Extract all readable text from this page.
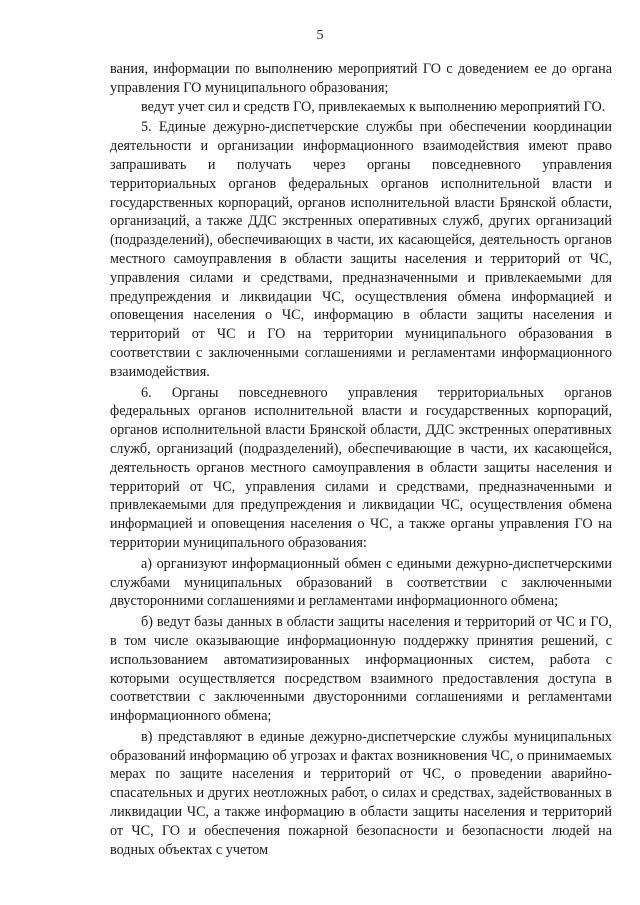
5

вания, информации по выполнению мероприятий ГО с доведением ее до органа управления ГО муниципального образования;

ведут учет сил и средств ГО, привлекаемых к выполнению мероприятий ГО.

5. Единые дежурно-диспетчерские службы при обеспечении координации деятельности и организации информационного взаимодействия имеют право запрашивать и получать через органы повседневного управления территориальных органов федеральных органов исполнительной власти и государственных корпораций, органов исполнительной власти Брянской области, организаций, а также ДДС экстренных оперативных служб, других организаций (подразделений), обеспечивающих в части, их касающейся, деятельность органов местного самоуправления в области защиты населения и территорий от ЧС, управления силами и средствами, предназначенными и привлекаемыми для предупреждения и ликвидации ЧС, осуществления обмена информацией и оповещения населения о ЧС, информацию в области защиты населения и территорий от ЧС и ГО на территории муниципального образования в соответствии с заключенными соглашениями и регламентами информационного взаимодействия.

6. Органы повседневного управления территориальных органов федеральных органов исполнительной власти и государственных корпораций, органов исполнительной власти Брянской области, ДДС экстренных оперативных служб, организаций (подразделений), обеспечивающие в части, их касающейся, деятельность органов местного самоуправления в области защиты населения и территорий от ЧС, управления силами и средствами, предназначенными и привлекаемыми для предупреждения и ликвидации ЧС, осуществления обмена информацией и оповещения населения о ЧС, а также органы управления ГО на территории муниципального образования:

а) организуют информационный обмен с едиными дежурно-диспетчерскими службами муниципальных образований в соответствии с заключенными двусторонними соглашениями и регламентами информационного обмена;

б) ведут базы данных в области защиты населения и территорий от ЧС и ГО, в том числе оказывающие информационную поддержку принятия решений, с использованием автоматизированных информационных систем, работа с которыми осуществляется посредством взаимного предоставления доступа в соответствии с заключенными двусторонними соглашениями и регламентами информационного обмена;

в) представляют в единые дежурно-диспетчерские службы муниципальных образований информацию об угрозах и фактах возникновения ЧС, о принимаемых мерах по защите населения и территорий от ЧС, о проведении аварийно-спасательных и других неотложных работ, о силах и средствах, задействованных в ликвидации ЧС, а также информацию в области защиты населения и территорий от ЧС, ГО и обеспечения пожарной безопасности и безопасности людей на водных объектах с учетом
